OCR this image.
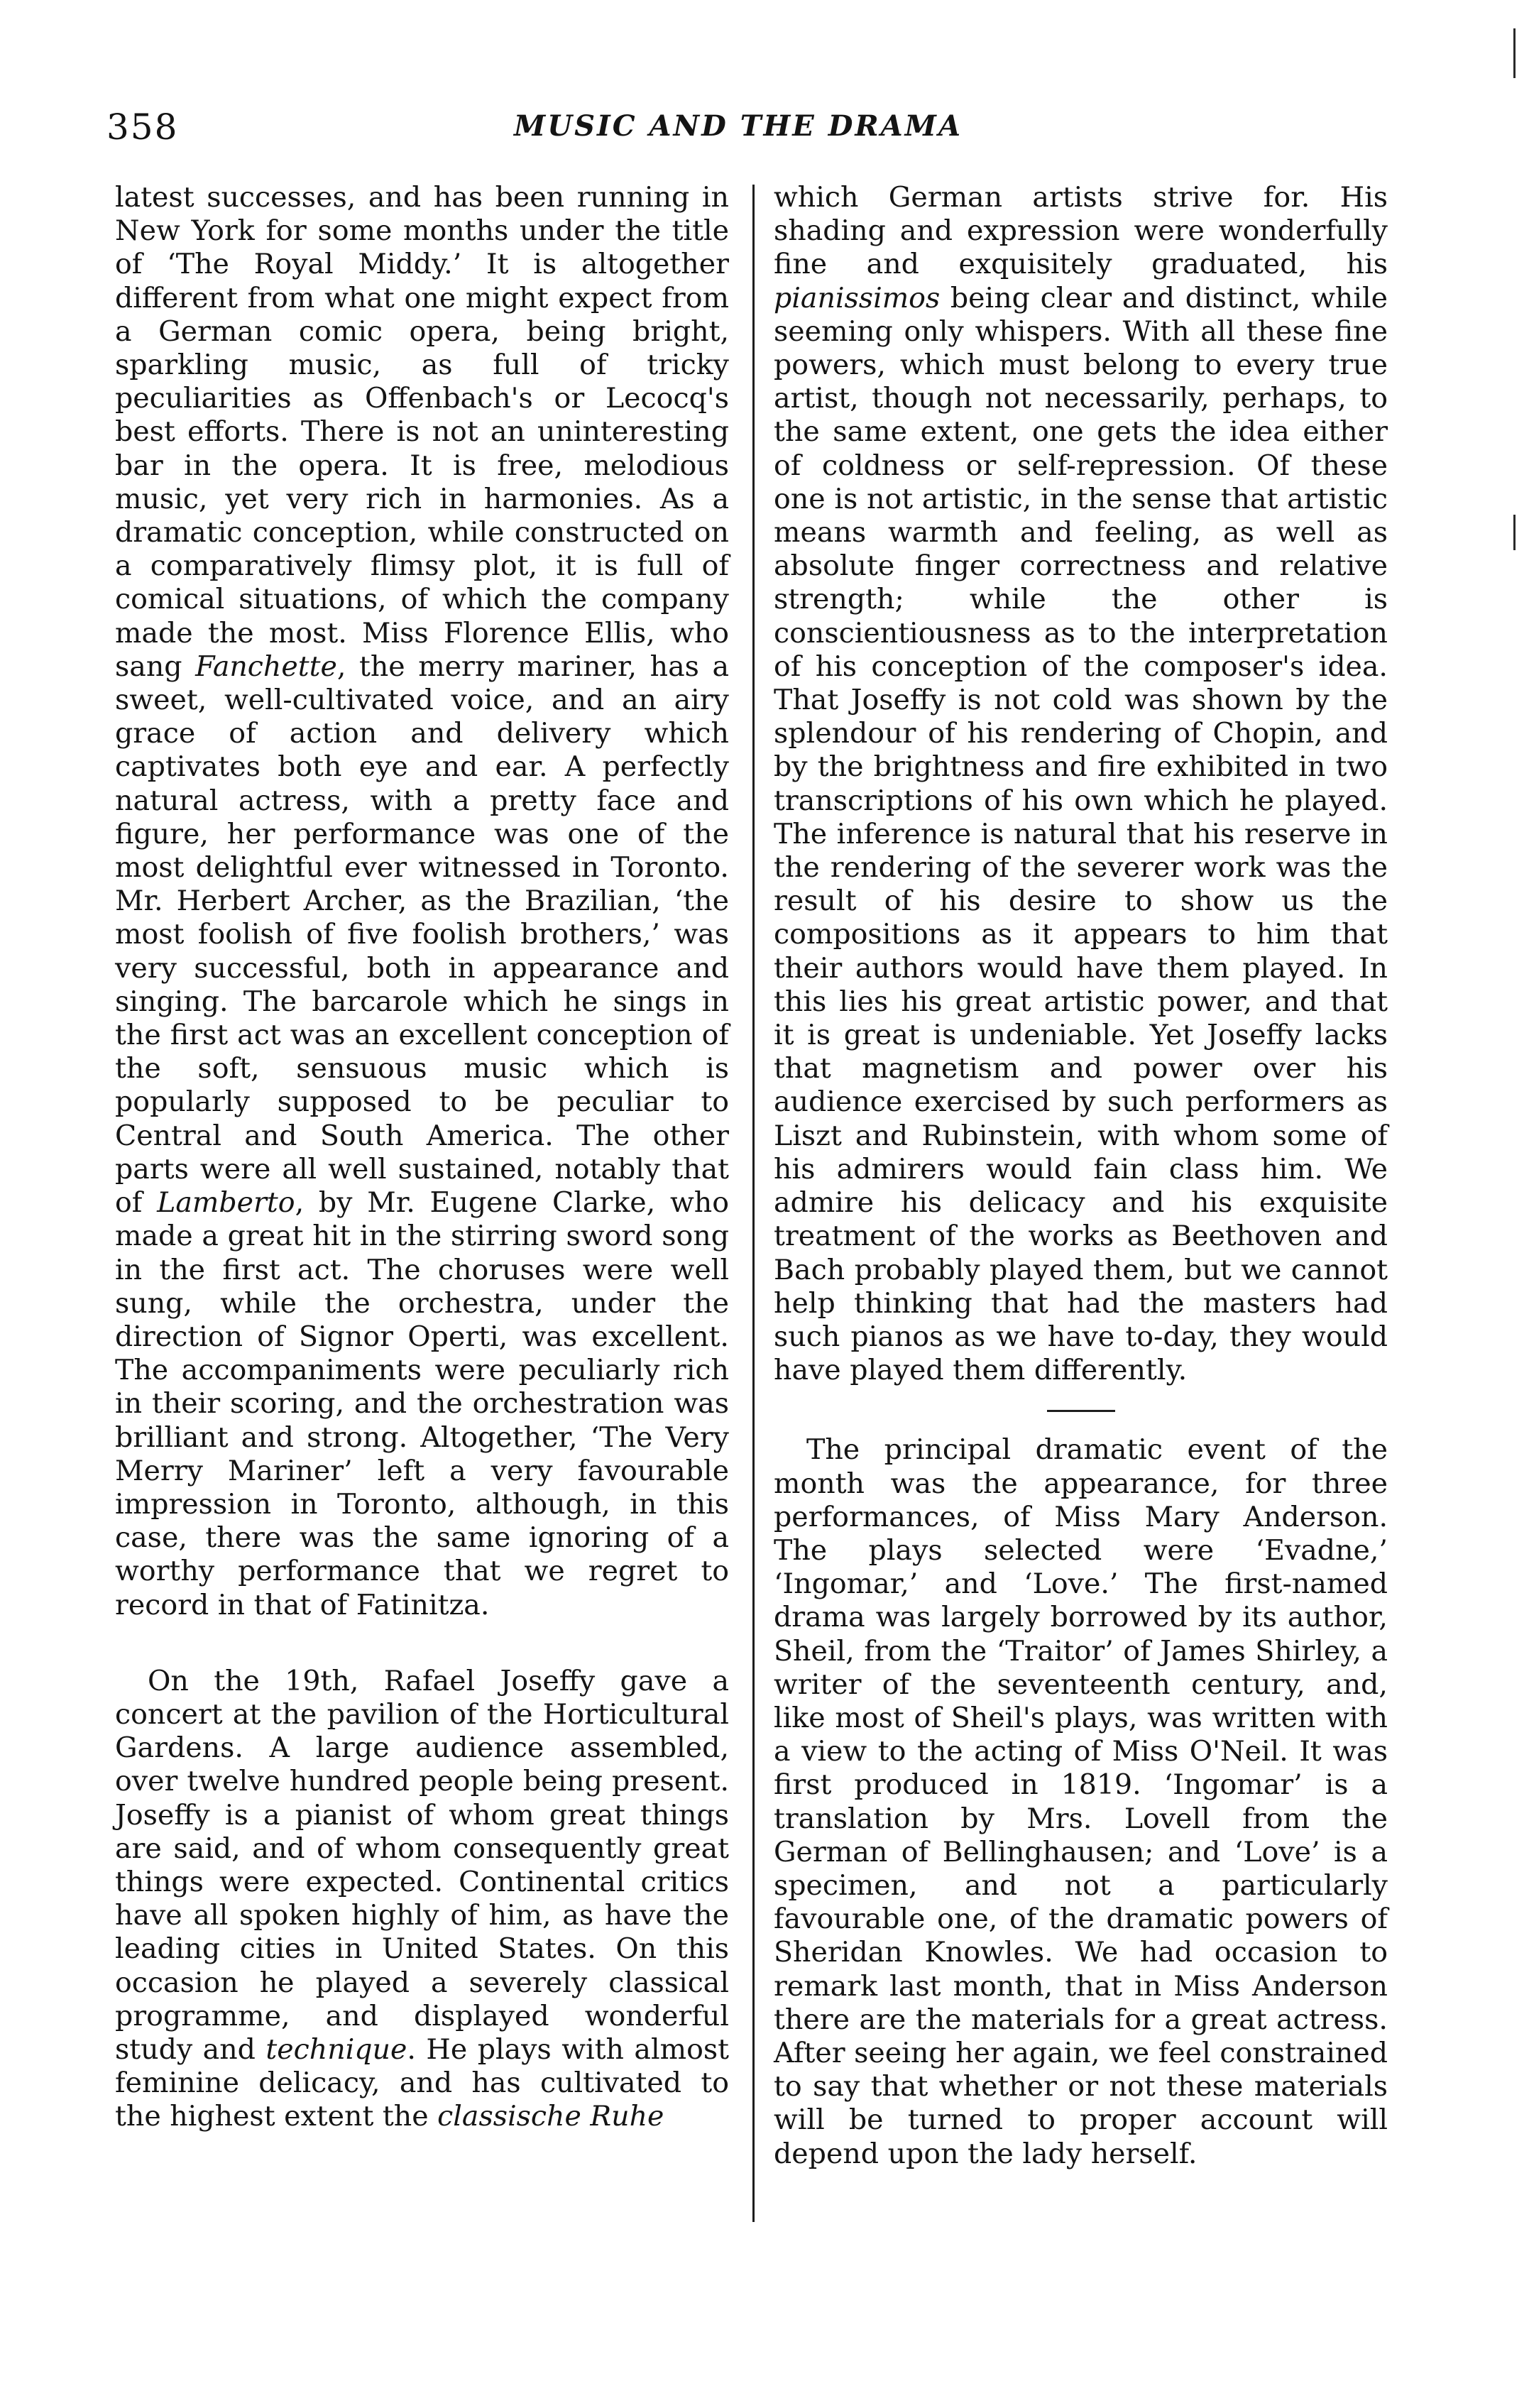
358	MUSIC AND THE DRAMA

latest successes, and has been running in New York for some months under the title of ‘The Royal Middy.’ It is altogether different from what one might expect from a German comic opera, being bright, sparkling music, as full of tricky peculiarities as Offenbach's or Lecocq's best efforts. There is not an uninteresting bar in the opera. It is free, melodious music, yet very rich in harmonies. As a dramatic conception, while constructed on a comparatively flimsy plot, it is full of comical situations, of which the company made the most. Miss Florence Ellis, who sang Fanchette, the merry mariner, has a sweet, well-cultivated voice, and an airy grace of action and delivery which captivates both eye and ear. A perfectly natural actress, with a pretty face and figure, her performance was one of the most delightful ever witnessed in Toronto. Mr. Herbert Archer, as the Brazilian, ‘the most foolish of five foolish brothers,’ was very successful, both in appearance and singing. The barcarole which he sings in the first act was an excellent conception of the soft, sensuous music which is popularly supposed to be peculiar to Central and South America. The other parts were all well sustained, notably that of Lamberto, by Mr. Eugene Clarke, who made a great hit in the stirring sword song in the first act. The choruses were well sung, while the orchestra, under the direction of Signor Operti, was excellent. The accompaniments were peculiarly rich in their scoring, and the orchestration was brilliant and strong. Altogether, ‘The Very Merry Mariner’ left a very favourable impression in Toronto, although, in this case, there was the same ignoring of a worthy performance that we regret to record in that of Fatinitza.

On the 19th, Rafael Joseffy gave a concert at the pavilion of the Horticultural Gardens. A large audience assembled, over twelve hundred people being present. Joseffy is a pianist of whom great things are said, and of whom consequently great things were expected. Continental critics have all spoken highly of him, as have the leading cities in United States. On this occasion he played a severely classical programme, and displayed wonderful study and technique. He plays with almost feminine delicacy, and has cultivated to the highest extent the classische Ruhe

which German artists strive for. His shading and expression were wonderfully fine and exquisitely graduated, his pianissimos being clear and distinct, while seeming only whispers. With all these fine powers, which must belong to every true artist, though not necessarily, perhaps, to the same extent, one gets the idea either of coldness or self-repression. Of these one is not artistic, in the sense that artistic means warmth and feeling, as well as absolute finger correctness and relative strength; while the other is conscientiousness as to the interpretation of his conception of the composer's idea. That Joseffy is not cold was shown by the splendour of his rendering of Chopin, and by the brightness and fire exhibited in two transcriptions of his own which he played. The inference is natural that his reserve in the rendering of the severer work was the result of his desire to show us the compositions as it appears to him that their authors would have them played. In this lies his great artistic power, and that it is great is undeniable. Yet Joseffy lacks that magnetism and power over his audience exercised by such performers as Liszt and Rubinstein, with whom some of his admirers would fain class him. We admire his delicacy and his exquisite treatment of the works as Beethoven and Bach probably played them, but we cannot help thinking that had the masters had such pianos as we have to-day, they would have played them differently.

The principal dramatic event of the month was the appearance, for three performances, of Miss Mary Anderson. The plays selected were ‘Evadne,’ ‘Ingomar,’ and ‘Love.’ The first-named drama was largely borrowed by its author, Sheil, from the ‘Traitor’ of James Shirley, a writer of the seventeenth century, and, like most of Sheil's plays, was written with a view to the acting of Miss O'Neil. It was first produced in 1819. ‘Ingomar’ is a translation by Mrs. Lovell from the German of Bellinghausen; and ‘Love’ is a specimen, and not a particularly favourable one, of the dramatic powers of Sheridan Knowles. We had occasion to remark last month, that in Miss Anderson there are the materials for a great actress. After seeing her again, we feel constrained to say that whether or not these materials will be turned to proper account will depend upon the lady herself.
